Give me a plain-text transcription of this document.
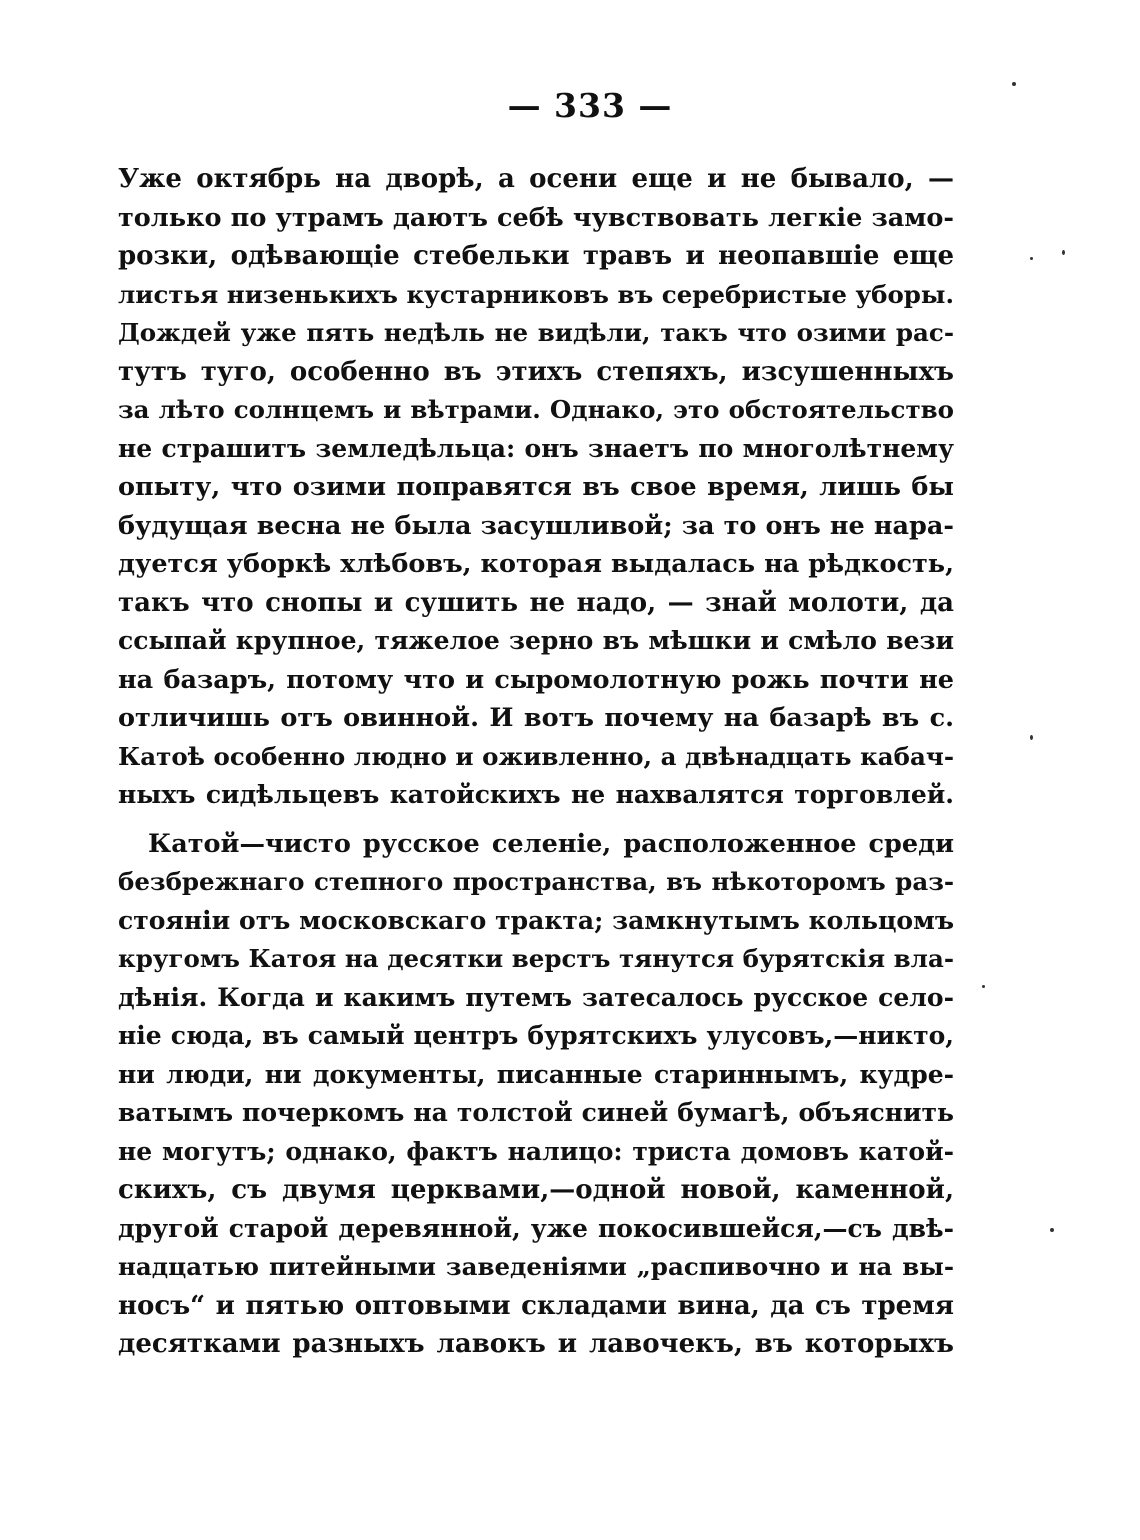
— 333 —
Уже октябрь на дворѣ, а осени еще и не бывало, —
только по утрамъ даютъ себѣ чувствовать легкіе замо-
розки, одѣвающіе стебельки травъ и неопавшіе еще
листья низенькихъ кустарниковъ въ серебристые уборы.
Дождей уже пять недѣль не видѣли, такъ что озими рас-
тутъ туго, особенно въ этихъ степяхъ, изсушенныхъ
за лѣто солнцемъ и вѣтрами. Однако, это обстоятельство
не страшитъ земледѣльца: онъ знаетъ по многолѣтнему
опыту, что озими поправятся въ свое время, лишь бы
будущая весна не была засушливой; за то онъ не нара-
дуется уборкѣ хлѣбовъ, которая выдалась на рѣдкость,
такъ что снопы и сушить не надо, — знай молоти, да
ссыпай крупное, тяжелое зерно въ мѣшки и смѣло вези
на базаръ, потому что и сыромолотную рожь почти не
отличишь отъ овинной. И вотъ почему на базарѣ въ с.
Катоѣ особенно людно и оживленно, а двѣнадцать кабач-
ныхъ сидѣльцевъ катойскихъ не нахвалятся торговлей.
Катой—чисто русское селеніе, расположенное среди
безбрежнаго степного пространства, въ нѣкоторомъ раз-
стояніи отъ московскаго тракта; замкнутымъ кольцомъ
кругомъ Катоя на десятки верстъ тянутся бурятскія вла-
дѣнія. Когда и какимъ путемъ затесалось русское село-
ніе сюда, въ самый центръ бурятскихъ улусовъ,—никто,
ни люди, ни документы, писанные стариннымъ, кудре-
ватымъ почеркомъ на толстой синей бумагѣ, объяснить
не могутъ; однако, фактъ налицо: триста домовъ катой-
скихъ, съ двумя церквами,—одной новой, каменной,
другой старой деревянной, уже покосившейся,—съ двѣ-
надцатью питейными заведеніями „распивочно и на вы-
носъ“ и пятью оптовыми складами вина, да съ тремя
десятками разныхъ лавокъ и лавочекъ, въ которыхъ
